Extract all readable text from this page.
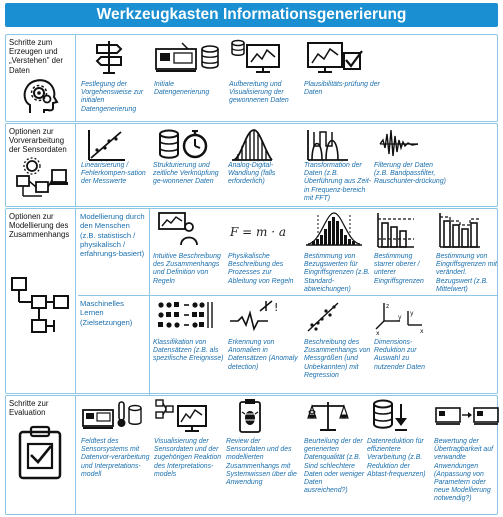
Werkzeugkasten Informationsgenerierung
Schritte zum Erzeugen und „Verstehen" der Daten
Festlegung der Vorgehensweise zur initialen Datengenerierung
Initiale Datengenerierung
Aufbereitung und Visualisierung der gewonnenen Daten
Plausibilitäts-prüfung der Daten
Optionen zur Vorverarbeitung der Sensordaten
Linearisierung / Fehlerkompen-sation der Messwerte
Strukturierung und zeitliche Verknüpfung ge-wonnener Daten
Analog-Digital-Wandlung (falls erforderlich)
Transformation der Daten (z.B. Überführung aus Zeit- in Frequenz-bereich mit FFT)
Filterung der Daten (z.B. Bandpassfilter, Rauschunter-drückung)
Optionen zur Modellierung des Zusammenhangs
Modellierung durch den Menschen (z.B. statistisch / physikalisch / erfahrungs-basiert)
Maschinelles Lernen (Zielsetzungen)
Intuitive Beschreibung des Zusammenhangs und Definition von Regeln
F = m · a
Physikalische Beschreibung des Prozesses zur Ableitung von Regeln
Bestimmung von Bezugswerten für Eingriffsgrenzen (z.B. Standard-abweichungen)
Bestimmung starrer oberer / unterer Eingriffsgrenzen
Bestimmung von Eingriffsgrenzen mit veränderl. Bezugswert (z.B. Mittelwert)
Klassifikation von Datensätzen (z.B. als spezifische Ereignisse)
!
Erkennung von Anomalien in Datensätzen (Anomaly detection)
Beschreibung des Zusammenhangs von Messgrößen (und Unbekannten) mit Regression
z
y
x
y
x
Dimensions-Reduktion zur Auswahl zu nutzender Daten
Schritte zur Evaluation
Feldtest des Sensorsystems mit Datenvor-verarbeitung und Interpretations-modell
Visualisierung der Sensordaten und der zugehörigen Reaktion des Interpretations-models
Review der Sensordaten und des modellierten Zusammenhangs mit Systemwissen über die Anwendung
Beurteilung der der generierten Datenqualität (z.B. Sind schlechtere Daten oder weniger Daten ausreichend?)
Datenreduktion für effizientere Verarbeitung (z.B. Reduktion der Abtast-frequenzen)
Bewertung der Übertragbarkeit auf verwandte Anwendungen (Anpassung von Parametern oder neue Modellierung notwendig?)
